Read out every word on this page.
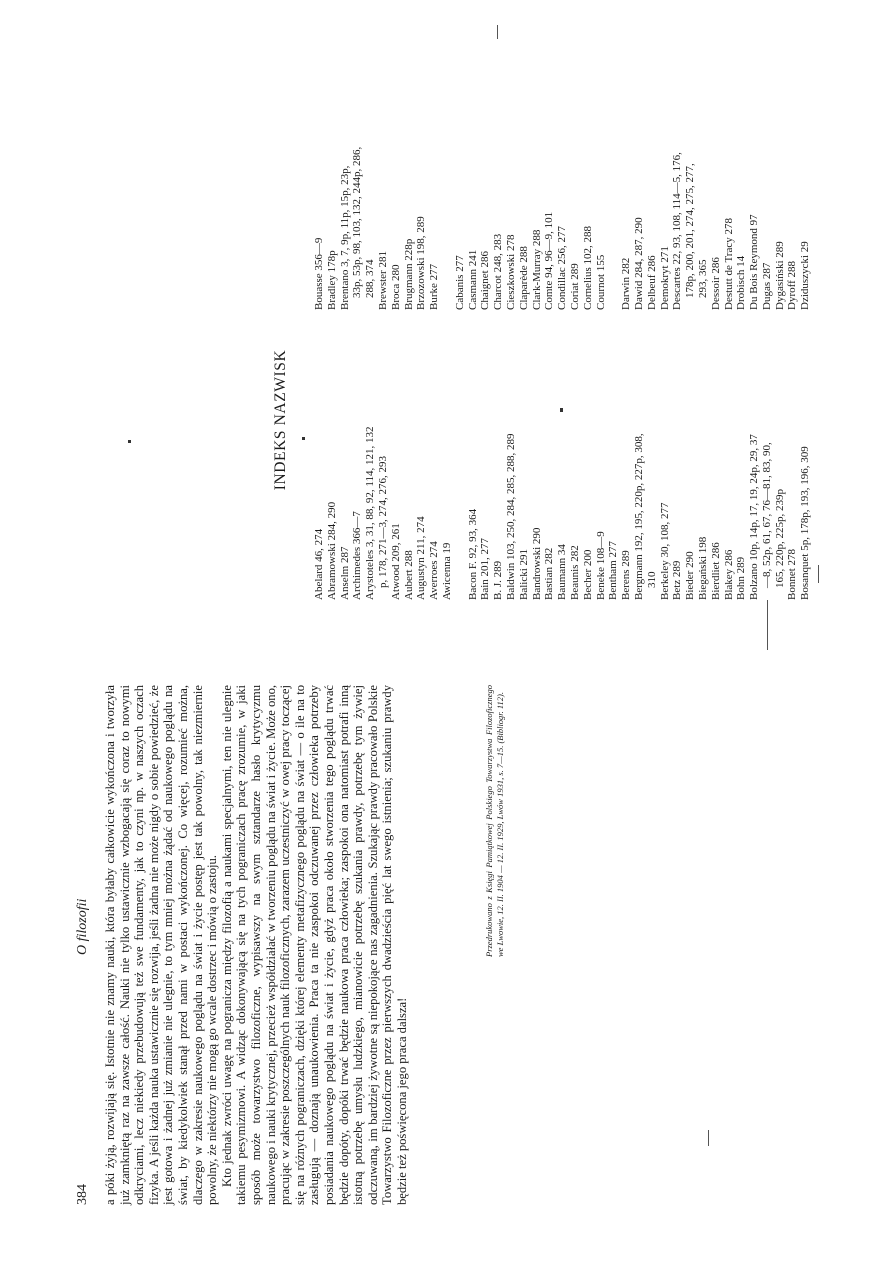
384
O filozofii a póki żyją, rozwijają się. Istotnie nie znamy nauki, która byłaby całkowicie wykończona i tworzyła już zamkniętą raz na zawsze całość. Nauki nie tylko ustawicznie wzbogacają się coraz to nowymi odkryciami, lecz niekiedy przebudowują też swe fundamenty, jak to czyni np. w naszych oczach fizyka. A jeśli każda nauka ustawicznie się rozwija, jeśli żadna nie może nigdy o sobie powiedzieć, że jest gotowa i żadnej już zmianie nie ulegnie, to tym mniej można żądać od naukowego poglądu na świat, by kiedykolwiek stanął przed nami w postaci wykończonej. Co więcej, rozumieć można, dlaczego w zakresie naukowego poglądu na świat i życie postęp jest tak powolny, tak niezmiernie powolny, że niektórzy nie mogą go wcale dostrzec i mówią o zastoju. Kto jednak zwróci uwagę na pogranicza między filozofią a naukami specjalnymi, ten nie ulegnie takiemu pesymizmowi. A widząc dokonywającą się na tych pograniczach pracę zrozumie, w jaki sposób może towarzystwo filozoficzne, wypisawszy na swym sztandarze hasło krytycyzmu naukowego i nauki krytycznej, przecież współdziałać w tworzeniu poglądu na świat i życie. Może ono, pracując w zakresie poszczególnych nauk filozoficznych, zarazem uczestniczyć w owej pracy toczącej się na różnych pograniczach, dzięki której elementy metafizycznego poglądu na świat — o ile na to zasługują — doznają unaukowienia. Praca ta nie zaspokoi odczuwanej przez człowieka potrzeby posiadania naukowego poglądu na świat i życie, gdyż praca około stworzenia tego poglądu trwać będzie dopóty, dopóki trwać będzie naukowa praca człowieka; zaspokoi ona natomiast potrafi inną istotną potrzebę umysłu ludzkiego, mianowicie potrzebę szukania prawdy, potrzebę tym żywiej odczuwaną, im bardziej żywotne są niepokojące nas zagadnienia. Szukając prawdy pracowało Polskie Towarzystwo Filozoficzne przez pierwszych dwadzieścia pięć lat swego istnienia; szukaniu prawdy będzie też poświęcona jego praca dalsza!

Przedrukowano z Księgi Pamiątkowej Polskiego Towarzystwa Filozoficznego we Lwowie, 12. II. 1904 — 12. II. 1929, Lwów 1931, s. 7—15. (Bibliogr. 112).
INDEKS NAZWISK
Abelard 46, 274 Abramowski 284, 290 Anselm 287 Archimedes 366—7 Arystoteles 3, 31, 88, 92, 114, 121, 132 p, 178, 271—3, 274, 276, 293 Atwood 209, 261 Aubert 288 Augustyn 211, 274 Averroes 274 Awicenna 19 Bacon F. 92, 93, 364 Bain 201, 277 B. J. 289 Baldwin 103, 250, 284, 285, 288, 289 Balicki 291 Bandrowski 290 Bastian 282 Baumann 34 Beaunis 282 Becher 200 Beneke 108—9 Bentham 277 Berens 289 Bergmann 192, 195, 220p, 227p, 308, 310 Berkeley 30, 108, 277 Betz 289 Bieder 290 Biegański 198 Bierdliet 286 Blakey 286 Bohn 289 Bolzano 10p, 14p, 17, 19, 24p, 29, 37—8, 52p, 61, 67, 76—81, 83, 90, 165, 220p, 225p, 239p Bonnet 278 Bosanquet 5p, 178p, 193, 196, 309
Bouasse 356—9 Bradley 178p Brentano 3, 7, 9p, 11p, 15p, 23p, 33p, 53p, 98, 103, 132, 244p, 286, 288, 374 Brewster 281 Broca 280 Brugmann 228p Brzozowski 198, 289 Burke 277 Cabanis 277 Casmann 241 Chaignet 286 Charcot 248, 283 Cieszkowski 278 Claparède 288 Clark-Murray 288 Comte 94, 96—9, 101 Condillac 256, 277 Coriat 289 Cornelius 102, 288 Cournot 155 Darwin 282 Dawid 284, 287, 290 Delbeuf 286 Demokryt 271 Descartes 22, 93, 108, 114—5, 176, 178p, 200, 201, 274, 275, 277, 293, 365 Dessoir 286 Destutt de Tracy 278 Drobisch 14 Du Bois Reymond 97 Dugas 287 Dygasiński 289 Dyroff 288 Dziduszycki 29
